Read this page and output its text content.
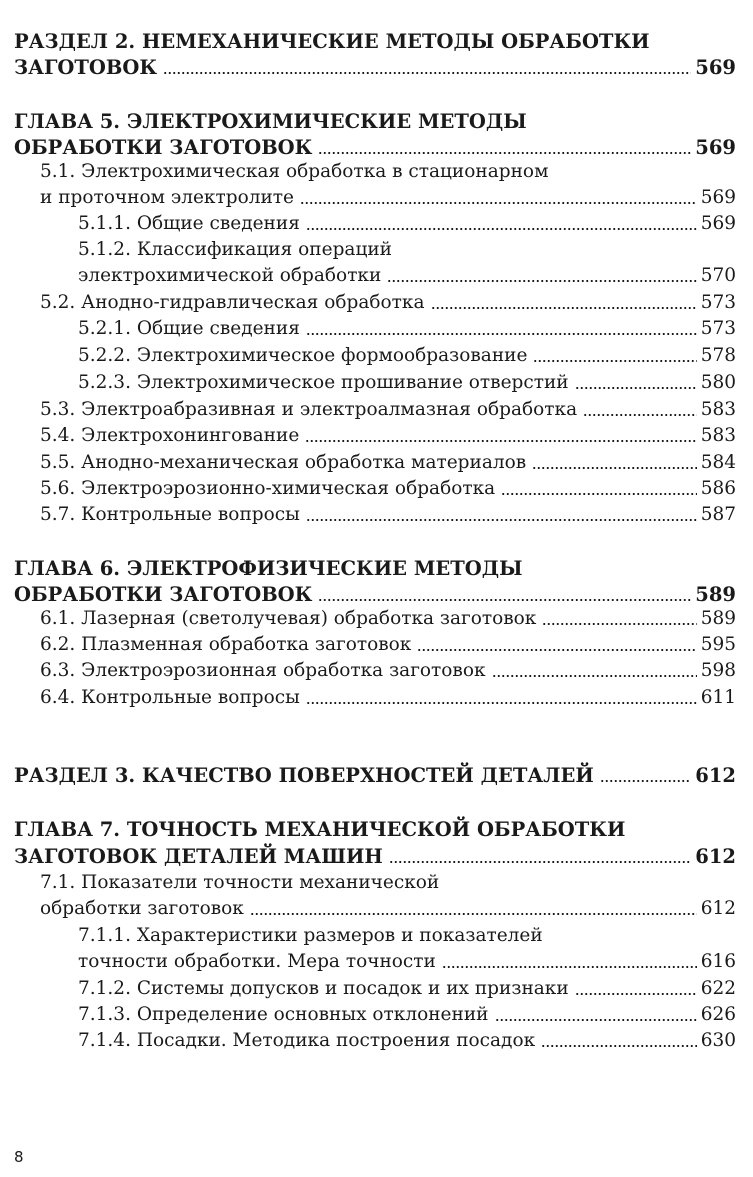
РАЗДЕЛ 2. НЕМЕХАНИЧЕСКИЕ МЕТОДЫ ОБРАБОТКИ
ЗАГОТОВОК	569
ГЛАВА 5. ЭЛЕКТРОХИМИЧЕСКИЕ МЕТОДЫ
ОБРАБОТКИ ЗАГОТОВОК	569
5.1. Электрохимическая обработка в стационарном
и проточном электролите	569
5.1.1. Общие сведения	569
5.1.2. Классификация операций
электрохимической обработки	570
5.2. Анодно-гидравлическая обработка	573
5.2.1. Общие сведения	573
5.2.2. Электрохимическое формообразование	578
5.2.3. Электрохимическое прошивание отверстий	580
5.3. Электроабразивная и электроалмазная обработка	583
5.4. Электрохонингование	583
5.5. Анодно-механическая обработка материалов	584
5.6. Электроэрозионно-химическая обработка	586
5.7. Контрольные вопросы	587
ГЛАВА 6. ЭЛЕКТРОФИЗИЧЕСКИЕ МЕТОДЫ
ОБРАБОТКИ ЗАГОТОВОК	589
6.1. Лазерная (светолучевая) обработка заготовок	589
6.2. Плазменная обработка заготовок	595
6.3. Электроэрозионная обработка заготовок	598
6.4. Контрольные вопросы	611
РАЗДЕЛ 3. КАЧЕСТВО ПОВЕРХНОСТЕЙ ДЕТАЛЕЙ	612
ГЛАВА 7. ТОЧНОСТЬ МЕХАНИЧЕСКОЙ ОБРАБОТКИ
ЗАГОТОВОК ДЕТАЛЕЙ МАШИН	612
7.1. Показатели точности механической
обработки заготовок	612
7.1.1. Характеристики размеров и показателей
точности обработки. Мера точности	616
7.1.2. Системы допусков и посадок и их признаки	622
7.1.3. Определение основных отклонений	626
7.1.4. Посадки. Методика построения посадок	630
8
